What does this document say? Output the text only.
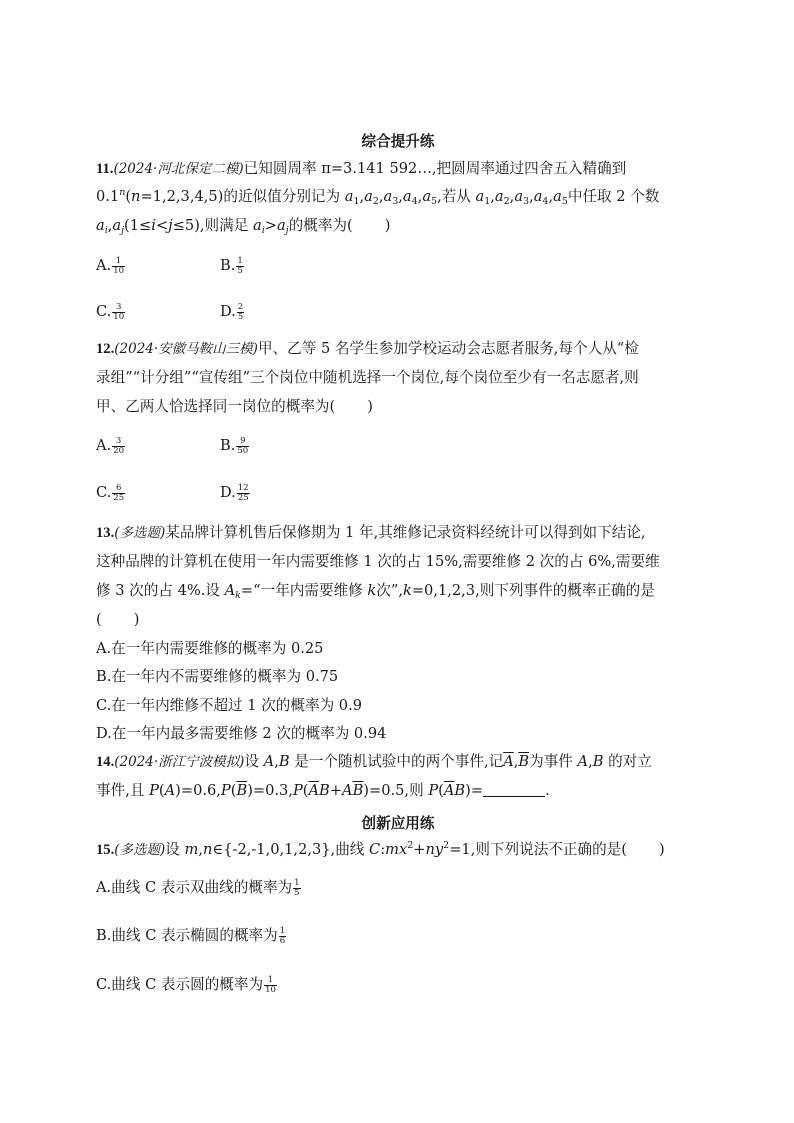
综合提升练
11.(2024·河北保定二模)已知圆周率 π=3.141 592…,把圆周率通过四舍五入精确到
$0.1^n(n=1,2,3,4,5)$的近似值分别记为 $a_1,a_2,a_3,a_4,a_5$,若从 $a_1,a_2,a_3,a_4,a_5$中任取 2 个数
$a_i,a_j(1\le i<j\le 5)$,则满足 $a_i>a_j$的概率为( )
A. $\frac{1}{10}$	B. $\frac{1}{5}$
C. $\frac{3}{10}$	D. $\frac{2}{5}$
12.(2024·安徽马鞍山三模)甲、乙等 5 名学生参加学校运动会志愿者服务,每个人从“检
录组”“计分组”“宣传组”三个岗位中随机选择一个岗位,每个岗位至少有一名志愿者,则
甲、乙两人恰选择同一岗位的概率为( )
A. $\frac{3}{20}$	B. $\frac{9}{50}$
C. $\frac{6}{25}$	D. $\frac{12}{25}$
13.(多选题)某品牌计算机售后保修期为 1 年,其维修记录资料经统计可以得到如下结论,
这种品牌的计算机在使用一年内需要维修 1 次的占 15%,需要维修 2 次的占 6%,需要维
修 3 次的占 4%.设 $A_k=“$一年内需要维修 k次”,k=0,1,2,3,则下列事件的概率正确的是
( )
A.在一年内需要维修的概率为 0.25
B.在一年内不需要维修的概率为 0.75
C.在一年内维修不超过 1 次的概率为 0.9
D.在一年内最多需要维修 2 次的概率为 0.94
14.(2024·浙江宁波模拟)设 A,B 是一个随机试验中的两个事件,记$\overline{A},\overline{B}$为事件 A,B 的对立
事件,且 $P(A)=0.6,P(\overline{B})=0.3,P(\overline{A}B+A\overline{B})=0.5$,则 $P(\overline{A}B)=$	.
创新应用练
15.(多选题)设 m,n∈{-2,-1,0,1,2,3},曲线 $C:mx^2+ny^2=1$,则下列说法不正确的是( )
A.曲线 C 表示双曲线的概率为 $\frac{1}{5}$
B.曲线 C 表示椭圆的概率为 $\frac{1}{6}$
C.曲线 C 表示圆的概率为 $\frac{1}{10}$
